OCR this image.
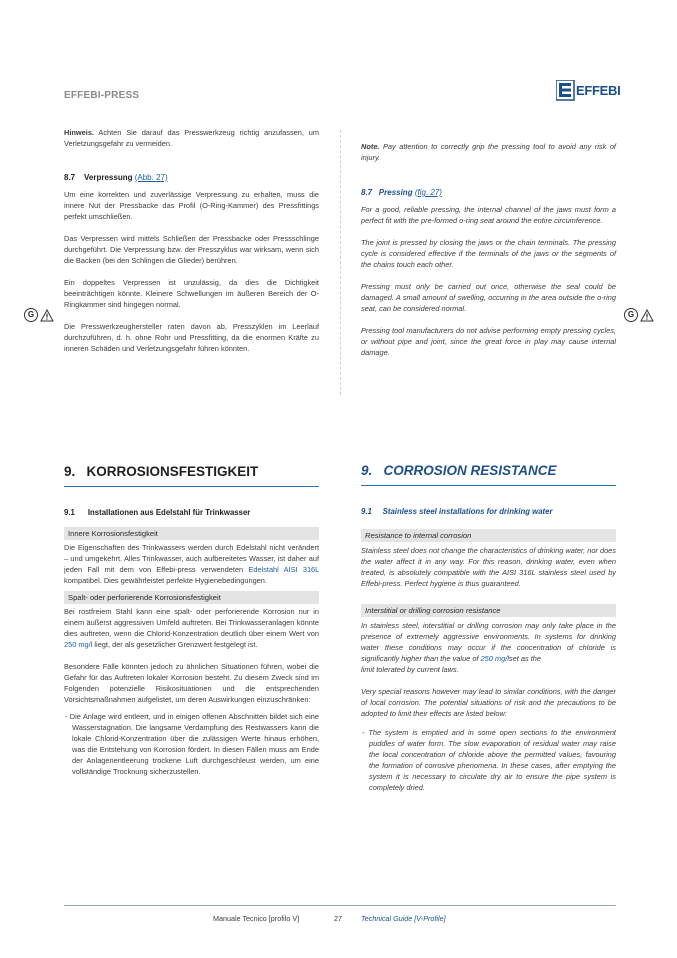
EFFEBI-PRESS	EFFEBI

Hinweis. Achten Sie darauf das Presswerkzeug richtig anzufassen, um Verletzungsgefahr zu vermeiden.

8.7    Verpressung (Abb. 27)

Um eine korrekten und zuverlässige Verpressung zu erhalten, muss die innere Nut der Pressbacke das Profil (O-Ring-Kammer) des Pressfittings perfekt umschließen.

Das Verpressen wird mittels Schließen der Pressbacke oder Pressschlinge durchgeführt. Die Verpressung bzw. der Presszyklus war wirksam, wenn sich die Backen (bei den Schlingen die Glieder) berühren.

Ein doppeltes Verpressen ist unzulässig, da dies die Dichtigkeit beeinträchtigen könnte. Kleinere Schwellungen im äußeren Bereich der O-Ringkammer sind hingegen normal.

Die Presswerkzeughersteller raten davon ab, Presszyklen im Leerlauf durchzuführen, d. h. ohne Rohr und Pressfitting, da die enormen Kräfte zu inneren Schäden und Verletzungsgefahr führen könnten.

Note. Pay attention to correctly grip the pressing tool to avoid any risk of injury.

8.7   Pressing (fig. 27)

For a good, reliable pressing, the internal channel of the jaws must form a perfect fit with the pre-formed o-ring seat around the entire circumference.

The joint is pressed by closing the jaws or the chain terminals. The pressing cycle is considered effective if the terminals of the jaws or the segments of the chains touch each other.

Pressing must only be carried out once, otherwise the seal could be damaged. A small amount of swelling, occurring in the area outside the o-ring seat, can be considered normal.

Pressing tool manufacturers do not advise performing empty pressing cycles, or without pipe and joint, since the great force in play may cause internal damage.

G	G
9.   KORROSIONSFESTIGKEIT
9.1      Installationen aus Edelstahl für Trinkwasser
Innere Korrosionsfestigkeit

Die Eigenschaften des Trinkwassers werden durch Edelstahl nicht verändert – und umgekehrt. Alles Trinkwasser, auch aufbereitetes Wasser, ist daher auf jeden Fall mit dem von Effebi-press verwendeten Edelstahl AISI 316L kompatibel. Dies gewährleistet perfekte Hygienebedingungen.

Spalt- oder perforierende Korrosionsfestigkeit

Bei rostfreiem Stahl kann eine spalt- oder perforierende Korrosion nur in einem äußerst aggressiven Umfeld auftreten. Bei Trinkwasseranlagen könnte dies auftreten, wenn die Chlorid-Konzentration deutlich über einem Wert von 250 mg/l liegt, der als gesetzlicher Grenzwert festgelegt ist.

Besondere Fälle könnten jedoch zu ähnlichen Situationen führen, wobei die Gefahr für das Auftreten lokaler Korrosion besteht. Zu diesem Zweck sind im Folgenden potenzielle Risikosituationen und die entsprechenden Vorsichtsmaßnahmen aufgelistet, um deren Auswirkungen einzuschränken:

- Die Anlage wird entleert, und in einigen offenen Abschnitten bildet sich eine Wasserstagnation. Die langsame Verdampfung des Restwassers kann die lokale Chlorid-Konzentration über die zulässigen Werte hinaus erhöhen, was die Entstehung von Korrosion fördert. In diesen Fällen muss am Ende der Anlagenentleerung trockene Luft durchgeschleust werden, um eine vollständige Trocknung sicherzustellen.
9.   CORROSION RESISTANCE
9.1     Stainless steel installations for drinking water
Resistance to internal corrosion

Stainless steel does not change the characteristics of drinking water, nor does the water affect it in any way. For this reason, drinking water, even when treated, is absolutely compatible with the AISI 316L stainless steel used by Effebi-press. Perfect hygiene is thus guaranteed.

Interstitial or drilling corrosion resistance

In stainless steel, interstitial or drilling corrosion may only take place in the presence of extremely aggressive environments. In systems for drinking water these conditions may occur if the concentration of chloride is significantly higher than the value of 250 mg/lset as the
limit tolerated by current laws.

Very special reasons however may lead to similar conditions, with the danger of local corrosion. The potential situations of risk and the precautions to be adopted to limit their effects are listed below:

- The system is emptied and in some open sections to the environment puddles of water form. The slow evaporation of residual water may raise the local concentration of chloride above the permitted values, favouring the formation of corrosive phenomena. In these cases, after emptying the system it is necessary to circulate dry air to ensure the pipe system is completely dried.
Manuale Tecnico [profilo V]	27	Technical Guide [V-Profile]
